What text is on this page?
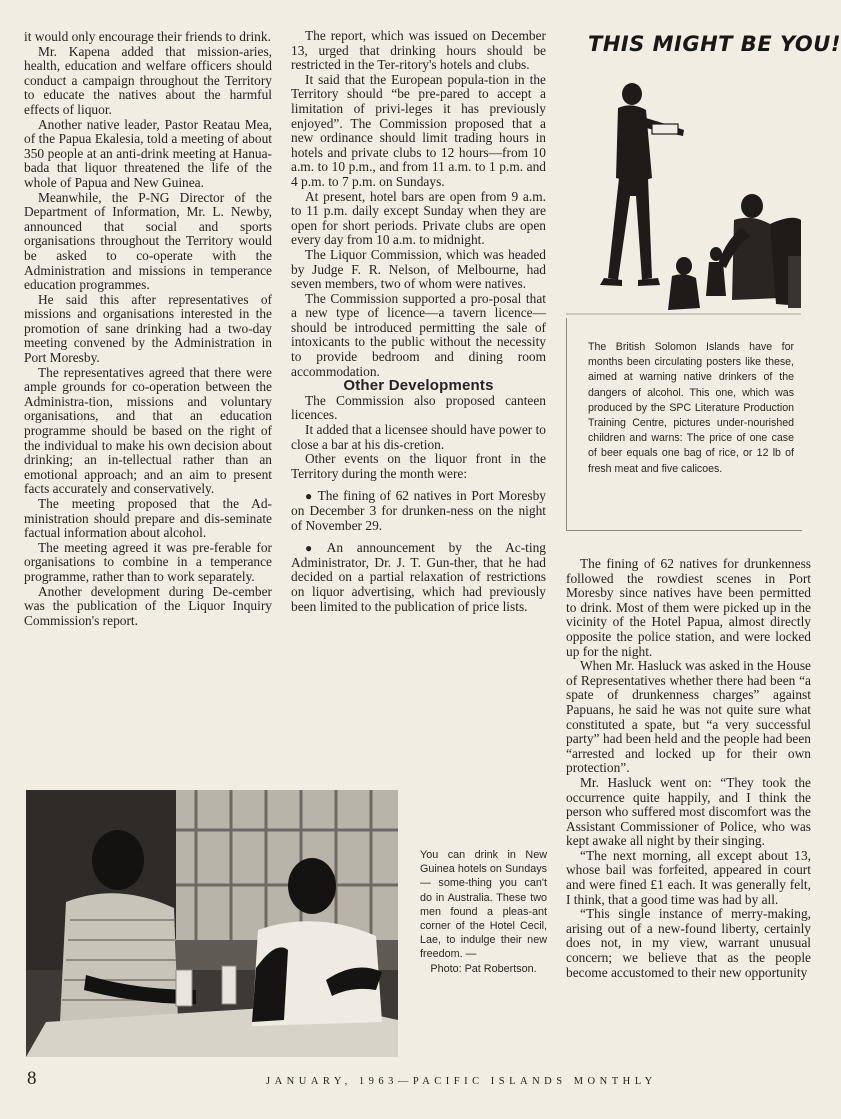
it would only encourage their friends to drink.

Mr. Kapena added that mission-aries, health, education and welfare officers should conduct a campaign throughout the Territory to educate the natives about the harmful effects of liquor.

Another native leader, Pastor Reatau Mea, of the Papua Ekalesia, told a meeting of about 350 people at an anti-drink meeting at Hanua-bada that liquor threatened the life of the whole of Papua and New Guinea.

Meanwhile, the P-NG Director of the Department of Information, Mr. L. Newby, announced that social and sports organisations throughout the Territory would be asked to co-operate with the Administration and missions in temperance education programmes.

He said this after representatives of missions and organisations interested in the promotion of sane drinking had a two-day meeting convened by the Administration in Port Moresby.

The representatives agreed that there were ample grounds for co-operation between the Administra-tion, missions and voluntary organisations, and that an education programme should be based on the right of the individual to make his own decision about drinking; an in-tellectual rather than an emotional approach; and an aim to present facts accurately and conservatively.

The meeting proposed that the Ad-ministration should prepare and dis-seminate factual information about alcohol.

The meeting agreed it was pre-ferable for organisations to combine in a temperance programme, rather than to work separately.

Another development during De-cember was the publication of the Liquor Inquiry Commission's report.

The report, which was issued on December 13, urged that drinking hours should be restricted in the Ter-ritory's hotels and clubs.

It said that the European popula-tion in the Territory should “be pre-pared to accept a limitation of privi-leges it has previously enjoyed”. The Commission proposed that a new ordinance should limit trading hours in hotels and private clubs to 12 hours—from 10 a.m. to 10 p.m., and from 11 a.m. to 1 p.m. and 4 p.m. to 7 p.m. on Sundays.

At present, hotel bars are open from 9 a.m. to 11 p.m. daily except Sunday when they are open for short periods. Private clubs are open every day from 10 a.m. to midnight.

The Liquor Commission, which was headed by Judge F. R. Nelson, of Melbourne, had seven members, two of whom were natives.

The Commission supported a pro-posal that a new type of licence—a tavern licence—should be introduced permitting the sale of intoxicants to the public without the necessity to provide bedroom and dining room accommodation.

Other Developments

The Commission also proposed canteen licences.

It added that a licensee should have power to close a bar at his dis-cretion.

Other events on the liquor front in the Territory during the month were:

● The fining of 62 natives in Port Moresby on December 3 for drunken-ness on the night of November 29.

● An announcement by the Ac-ting Administrator, Dr. J. T. Gun-ther, that he had decided on a partial relaxation of restrictions on liquor advertising, which had previously been limited to the publication of price lists.

THIS MIGHT BE YOU!
The British Solomon Islands have for months been circulating posters like these, aimed at warning native drinkers of the dangers of alcohol. This one, which was produced by the SPC Literature Production Training Centre, pictures under-nourished children and warns: The price of one case of beer equals one bag of rice, or 12 lb of fresh meat and five calicoes.

The fining of 62 natives for drunkenness followed the rowdiest scenes in Port Moresby since natives have been permitted to drink. Most of them were picked up in the vicinity of the Hotel Papua, almost directly opposite the police station, and were locked up for the night.

When Mr. Hasluck was asked in the House of Representatives whether there had been “a spate of drunkenness charges” against Papuans, he said he was not quite sure what constituted a spate, but “a very successful party” had been held and the people had been “arrested and locked up for their own protection”.

Mr. Hasluck went on: “They took the occurrence quite happily, and I think the person who suffered most discomfort was the Assistant Commissioner of Police, who was kept awake all night by their singing.

“The next morning, all except about 13, whose bail was forfeited, appeared in court and were fined £1 each. It was generally felt, I think, that a good time was had by all.

“This single instance of merry-making, arising out of a new-found liberty, certainly does not, in my view, warrant unusual concern; we believe that as the people become accustomed to their new opportunity

You can drink in New Guinea hotels on Sundays — some-thing you can't do in Australia. These two men found a pleas-ant corner of the Hotel Cecil, Lae, to indulge their new freedom. —
Photo: Pat Robertson.
8	JANUARY, 1963—PACIFIC ISLANDS MONTHLY
